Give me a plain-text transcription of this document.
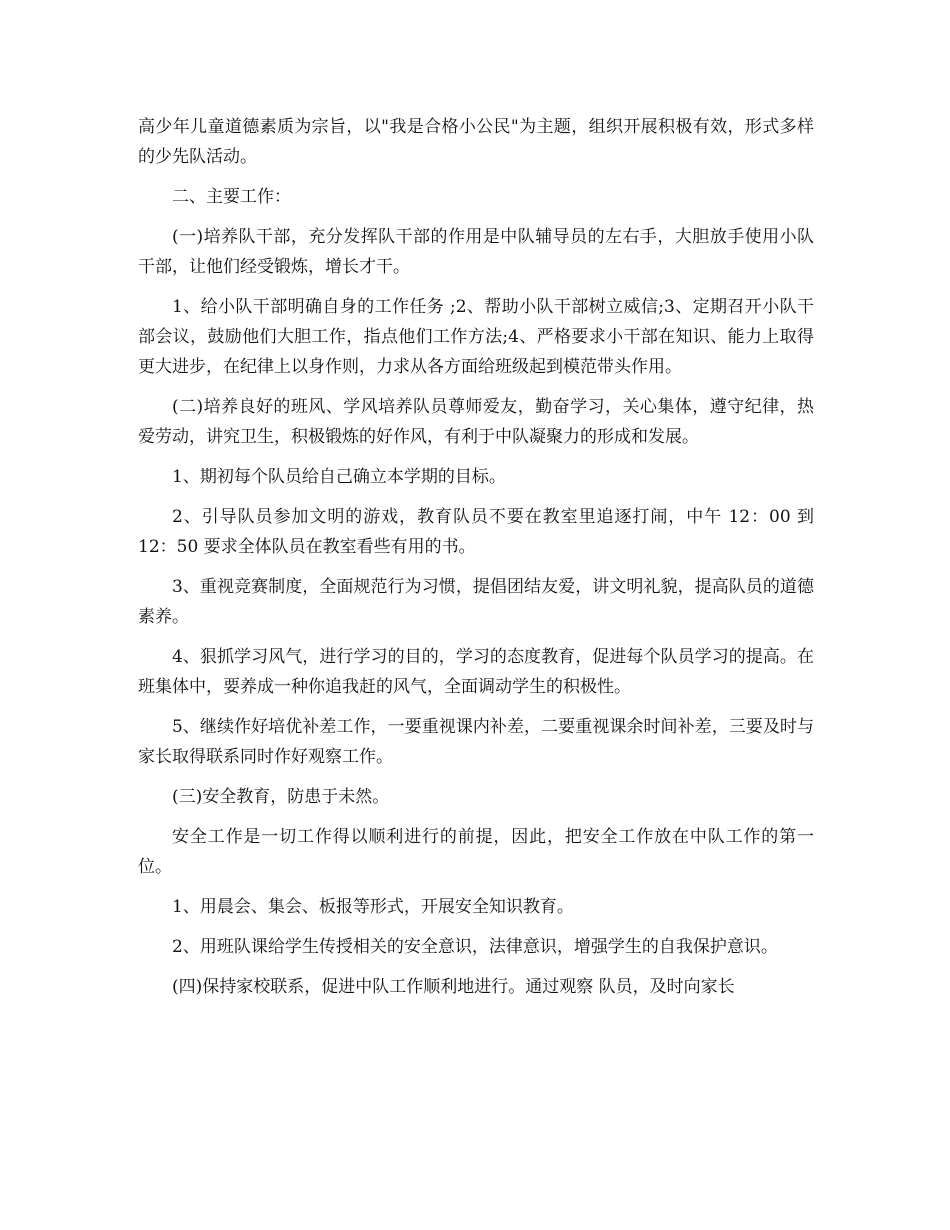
高少年儿童道德素质为宗旨，以"我是合格小公民"为主题，组织开展积极有效，形式多样的少先队活动。

二、主要工作：

(一)培养队干部，充分发挥队干部的作用是中队辅导员的左右手，大胆放手使用小队干部，让他们经受锻炼，增长才干。

1、给小队干部明确自身的工作任务 ;2、帮助小队干部树立威信;3、定期召开小队干部会议，鼓励他们大胆工作，指点他们工作方法;4、严格要求小干部在知识、能力上取得更大进步，在纪律上以身作则，力求从各方面给班级起到模范带头作用。

(二)培养良好的班风、学风培养队员尊师爱友，勤奋学习，关心集体，遵守纪律，热爱劳动，讲究卫生，积极锻炼的好作风，有利于中队凝聚力的形成和发展。

1、期初每个队员给自己确立本学期的目标。

2、引导队员参加文明的游戏，教育队员不要在教室里追逐打闹，中午 12：00 到 12：50 要求全体队员在教室看些有用的书。

3、重视竞赛制度，全面规范行为习惯，提倡团结友爱，讲文明礼貌，提高队员的道德素养。

4、狠抓学习风气，进行学习的目的，学习的态度教育，促进每个队员学习的提高。在班集体中，要养成一种你追我赶的风气，全面调动学生的积极性。

5、继续作好培优补差工作，一要重视课内补差，二要重视课余时间补差，三要及时与家长取得联系同时作好观察工作。

(三)安全教育，防患于未然。

安全工作是一切工作得以顺利进行的前提，因此，把安全工作放在中队工作的第一位。

1、用晨会、集会、板报等形式，开展安全知识教育。

2、用班队课给学生传授相关的安全意识，法律意识，增强学生的自我保护意识。

(四)保持家校联系，促进中队工作顺利地进行。通过观察 队员，及时向家长
